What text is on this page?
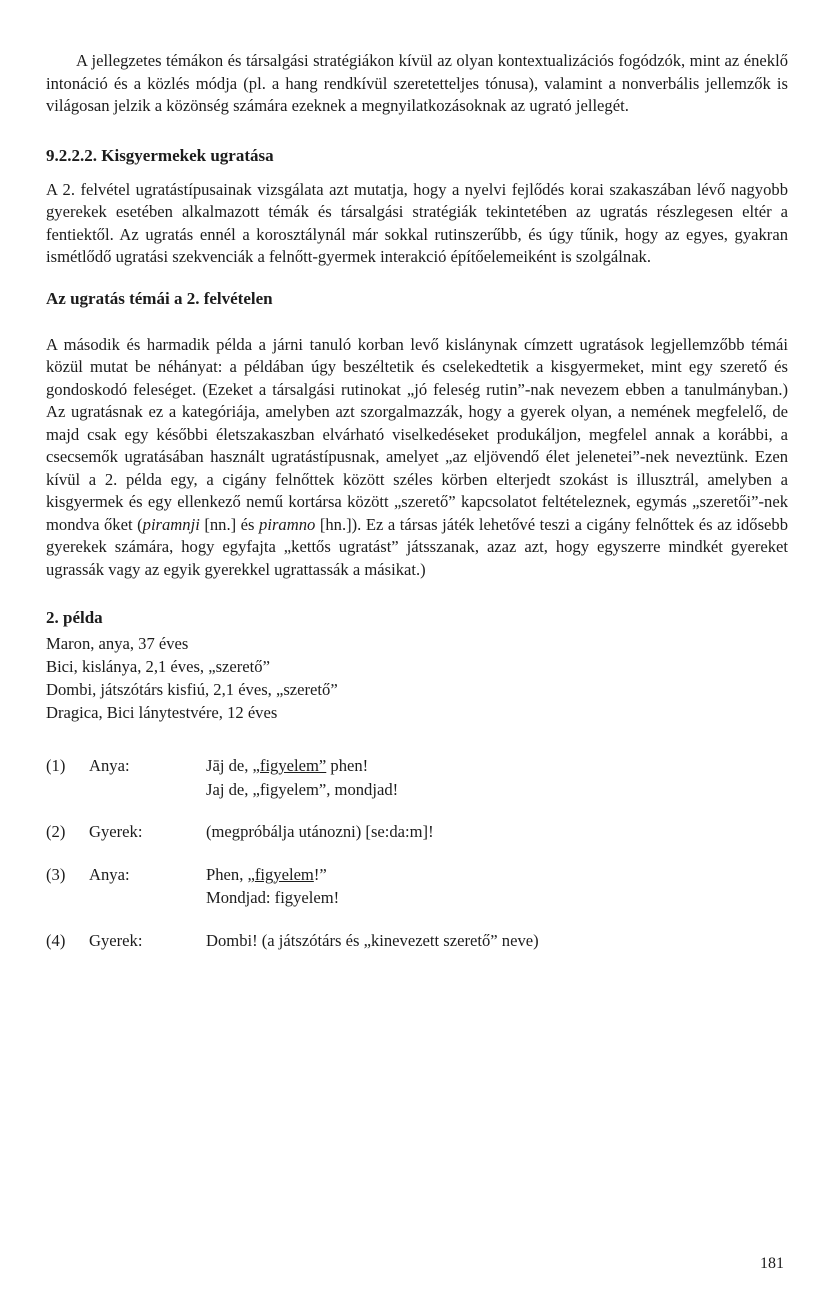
A jellegzetes témákon és társalgási stratégiákon kívül az olyan kontextualizációs fogódzók, mint az éneklő intonáció és a közlés módja (pl. a hang rendkívül szeretetteljes tónusa), valamint a nonverbális jellemzők is világosan jelzik a közönség számára ezeknek a megnyilatkozásoknak az ugrató jellegét.

9.2.2.2. Kisgyermekek ugratása

A 2. felvétel ugratástípusainak vizsgálata azt mutatja, hogy a nyelvi fejlődés korai szakaszában lévő nagyobb gyerekek esetében alkalmazott témák és társalgási stratégiák tekintetében az ugratás részlegesen eltér a fentiektől. Az ugratás ennél a korosztálynál már sokkal rutinszerűbb, és úgy tűnik, hogy az egyes, gyakran ismétlődő ugratási szekvenciák a felnőtt-gyermek interakció építőelemeiként is szolgálnak.

Az ugratás témái a 2. felvételen

A második és harmadik példa a járni tanuló korban levő kislánynak címzett ugratások legjellemzőbb témái közül mutat be néhányat: a példában úgy beszéltetik és cselekedtetik a kisgyermeket, mint egy szerető és gondoskodó feleséget. (Ezeket a társalgási rutinokat „jó feleség rutin”-nak nevezem ebben a tanulmányban.) Az ugratásnak ez a kategóriája, amelyben azt szorgalmazzák, hogy a gyerek olyan, a nemének megfelelő, de majd csak egy későbbi életszakaszban elvárható viselkedéseket produkáljon, megfelel annak a korábbi, a csecsemők ugratásában használt ugratástípusnak, amelyet „az eljövendő élet jelenetei”-nek neveztünk. Ezen kívül a 2. példa egy, a cigány felnőttek között széles körben elterjedt szokást is illusztrál, amelyben a kisgyermek és egy ellenkező nemű kortársa között „szerető” kapcsolatot feltételeznek, egymás „szeretői”-nek mondva őket (piramnji [nn.] és piramno [hn.]). Ez a társas játék lehetővé teszi a cigány felnőttek és az idősebb gyerekek számára, hogy egyfajta „kettős ugratást” játsszanak, azaz azt, hogy egyszerre mindkét gyereket ugrassák vagy az egyik gyerekkel ugrattassák a másikat.)

2. példa

Maron, anya, 37 éves

Bici, kislánya, 2,1 éves, „szerető”

Dombi, játszótárs kisfiú, 2,1 éves, „szerető”

Dragica, Bici lánytestvére, 12 éves

(1)	Anya:	Jāj de, „figyelem” phen!
Jaj de, „figyelem”, mondjad!
(2)	Gyerek:	(megpróbálja utánozni) [se:da:m]!
(3)	Anya:	Phen, „figyelem!”
Mondjad: figyelem!
(4)	Gyerek:	Dombi! (a játszótárs és „kinevezett szerető” neve)
181
